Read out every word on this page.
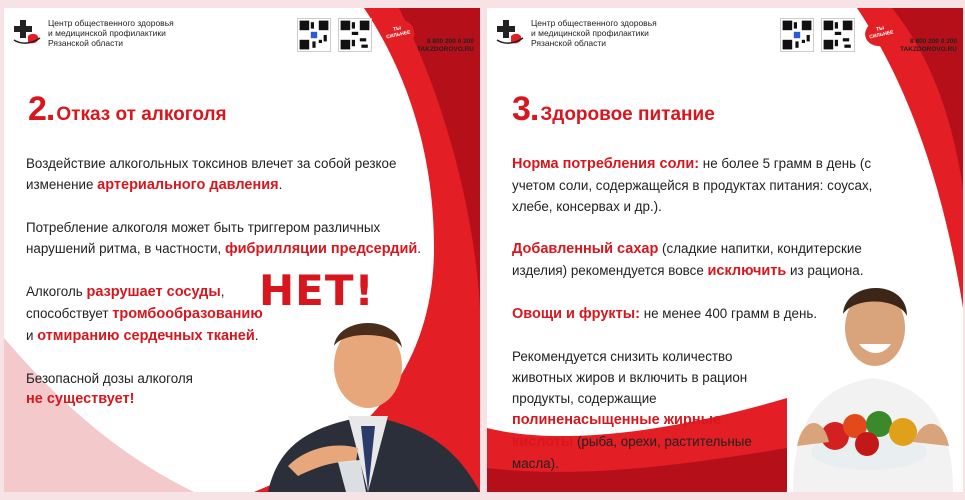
Центр общественного здоровья
и медицинской профилактики
Рязанской области
ТЫ СИЛЬНЕЕ
8 800 200 0 200
TAKZDOROVO.RU
2. Отказ от алкоголя
Воздействие алкогольных токсинов влечет за собой резкое изменение артериального давления.
Потребление алкоголя может быть триггером различных нарушений ритма, в частности, фибрилляции предсердий.
Алкоголь разрушает сосуды,
способствует тромбообразованию
и отмиранию сердечных тканей.
Безопасной дозы алкоголя
не существует!
НЕТ!
Центр общественного здоровья
и медицинской профилактики
Рязанской области
ТЫ СИЛЬНЕЕ
8 800 200 0 200
TAKZDOROVO.RU
3. Здоровое питание
Норма потребления соли: не более 5 грамм в день (с учетом соли, содержащейся в продуктах питания: соусах, хлебе, консервах и др.).
Добавленный сахар (сладкие напитки, кондитерские изделия) рекомендуется вовсе исключить из рациона.
Овощи и фрукты: не менее 400 грамм в день.
Рекомендуется снизить количество животных жиров и включить в рацион продукты, содержащие полиненасыщенные жирные кислоты (рыба, орехи, растительные масла).
